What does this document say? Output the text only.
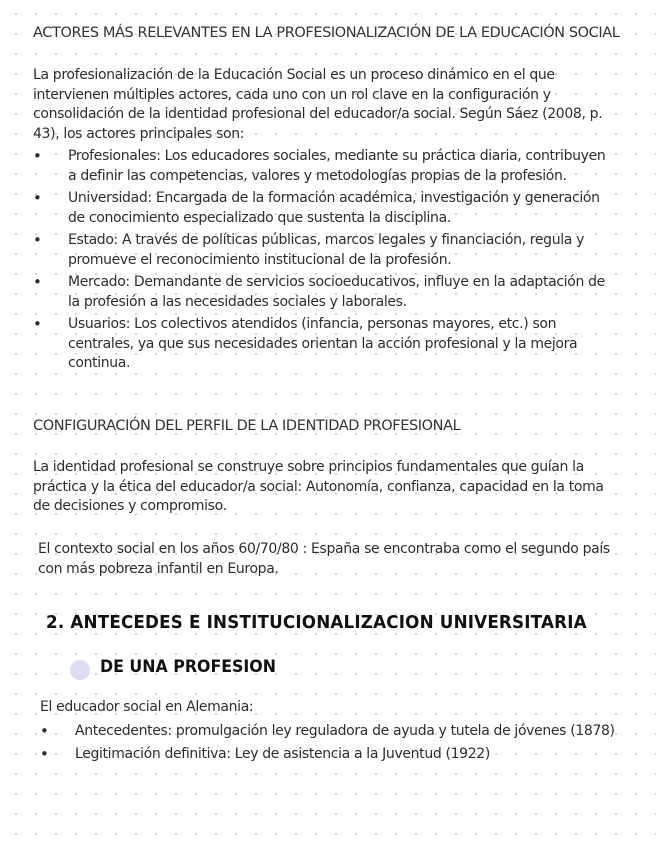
ACTORES MÁS RELEVANTES EN LA PROFESIONALIZACIÓN DE LA EDUCACIÓN SOCIAL

La profesionalización de la Educación Social es un proceso dinámico en el que intervienen múltiples actores, cada uno con un rol clave en la configuración y consolidación de la identidad profesional del educador/a social. Según Sáez (2008, p. 43), los actores principales son:

• Profesionales: Los educadores sociales, mediante su práctica diaria, contribuyen a definir las competencias, valores y metodologías propias de la profesión.
• Universidad: Encargada de la formación académica, investigación y generación de conocimiento especializado que sustenta la disciplina.
• Estado: A través de políticas públicas, marcos legales y financiación, regula y promueve el reconocimiento institucional de la profesión.
• Mercado: Demandante de servicios socioeducativos, influye en la adaptación de la profesión a las necesidades sociales y laborales.
• Usuarios: Los colectivos atendidos (infancia, personas mayores, etc.) son centrales, ya que sus necesidades orientan la acción profesional y la mejora continua.
CONFIGURACIÓN DEL PERFIL DE LA IDENTIDAD PROFESIONAL

La identidad profesional se construye sobre principios fundamentales que guían la práctica y la ética del educador/a social: Autonomía, confianza, capacidad en la toma de decisiones y compromiso.

El contexto social en los años 60/70/80 : España se encontraba como el segundo país con más pobreza infantil en Europa.

2. ANTECEDES E INSTITUCIONALIZACION UNIVERSITARIA
DE UNA PROFESION

El educador social en Alemania:

• Antecedentes: promulgación ley reguladora de ayuda y tutela de jóvenes (1878)
• Legitimación definitiva: Ley de asistencia a la Juventud (1922)
